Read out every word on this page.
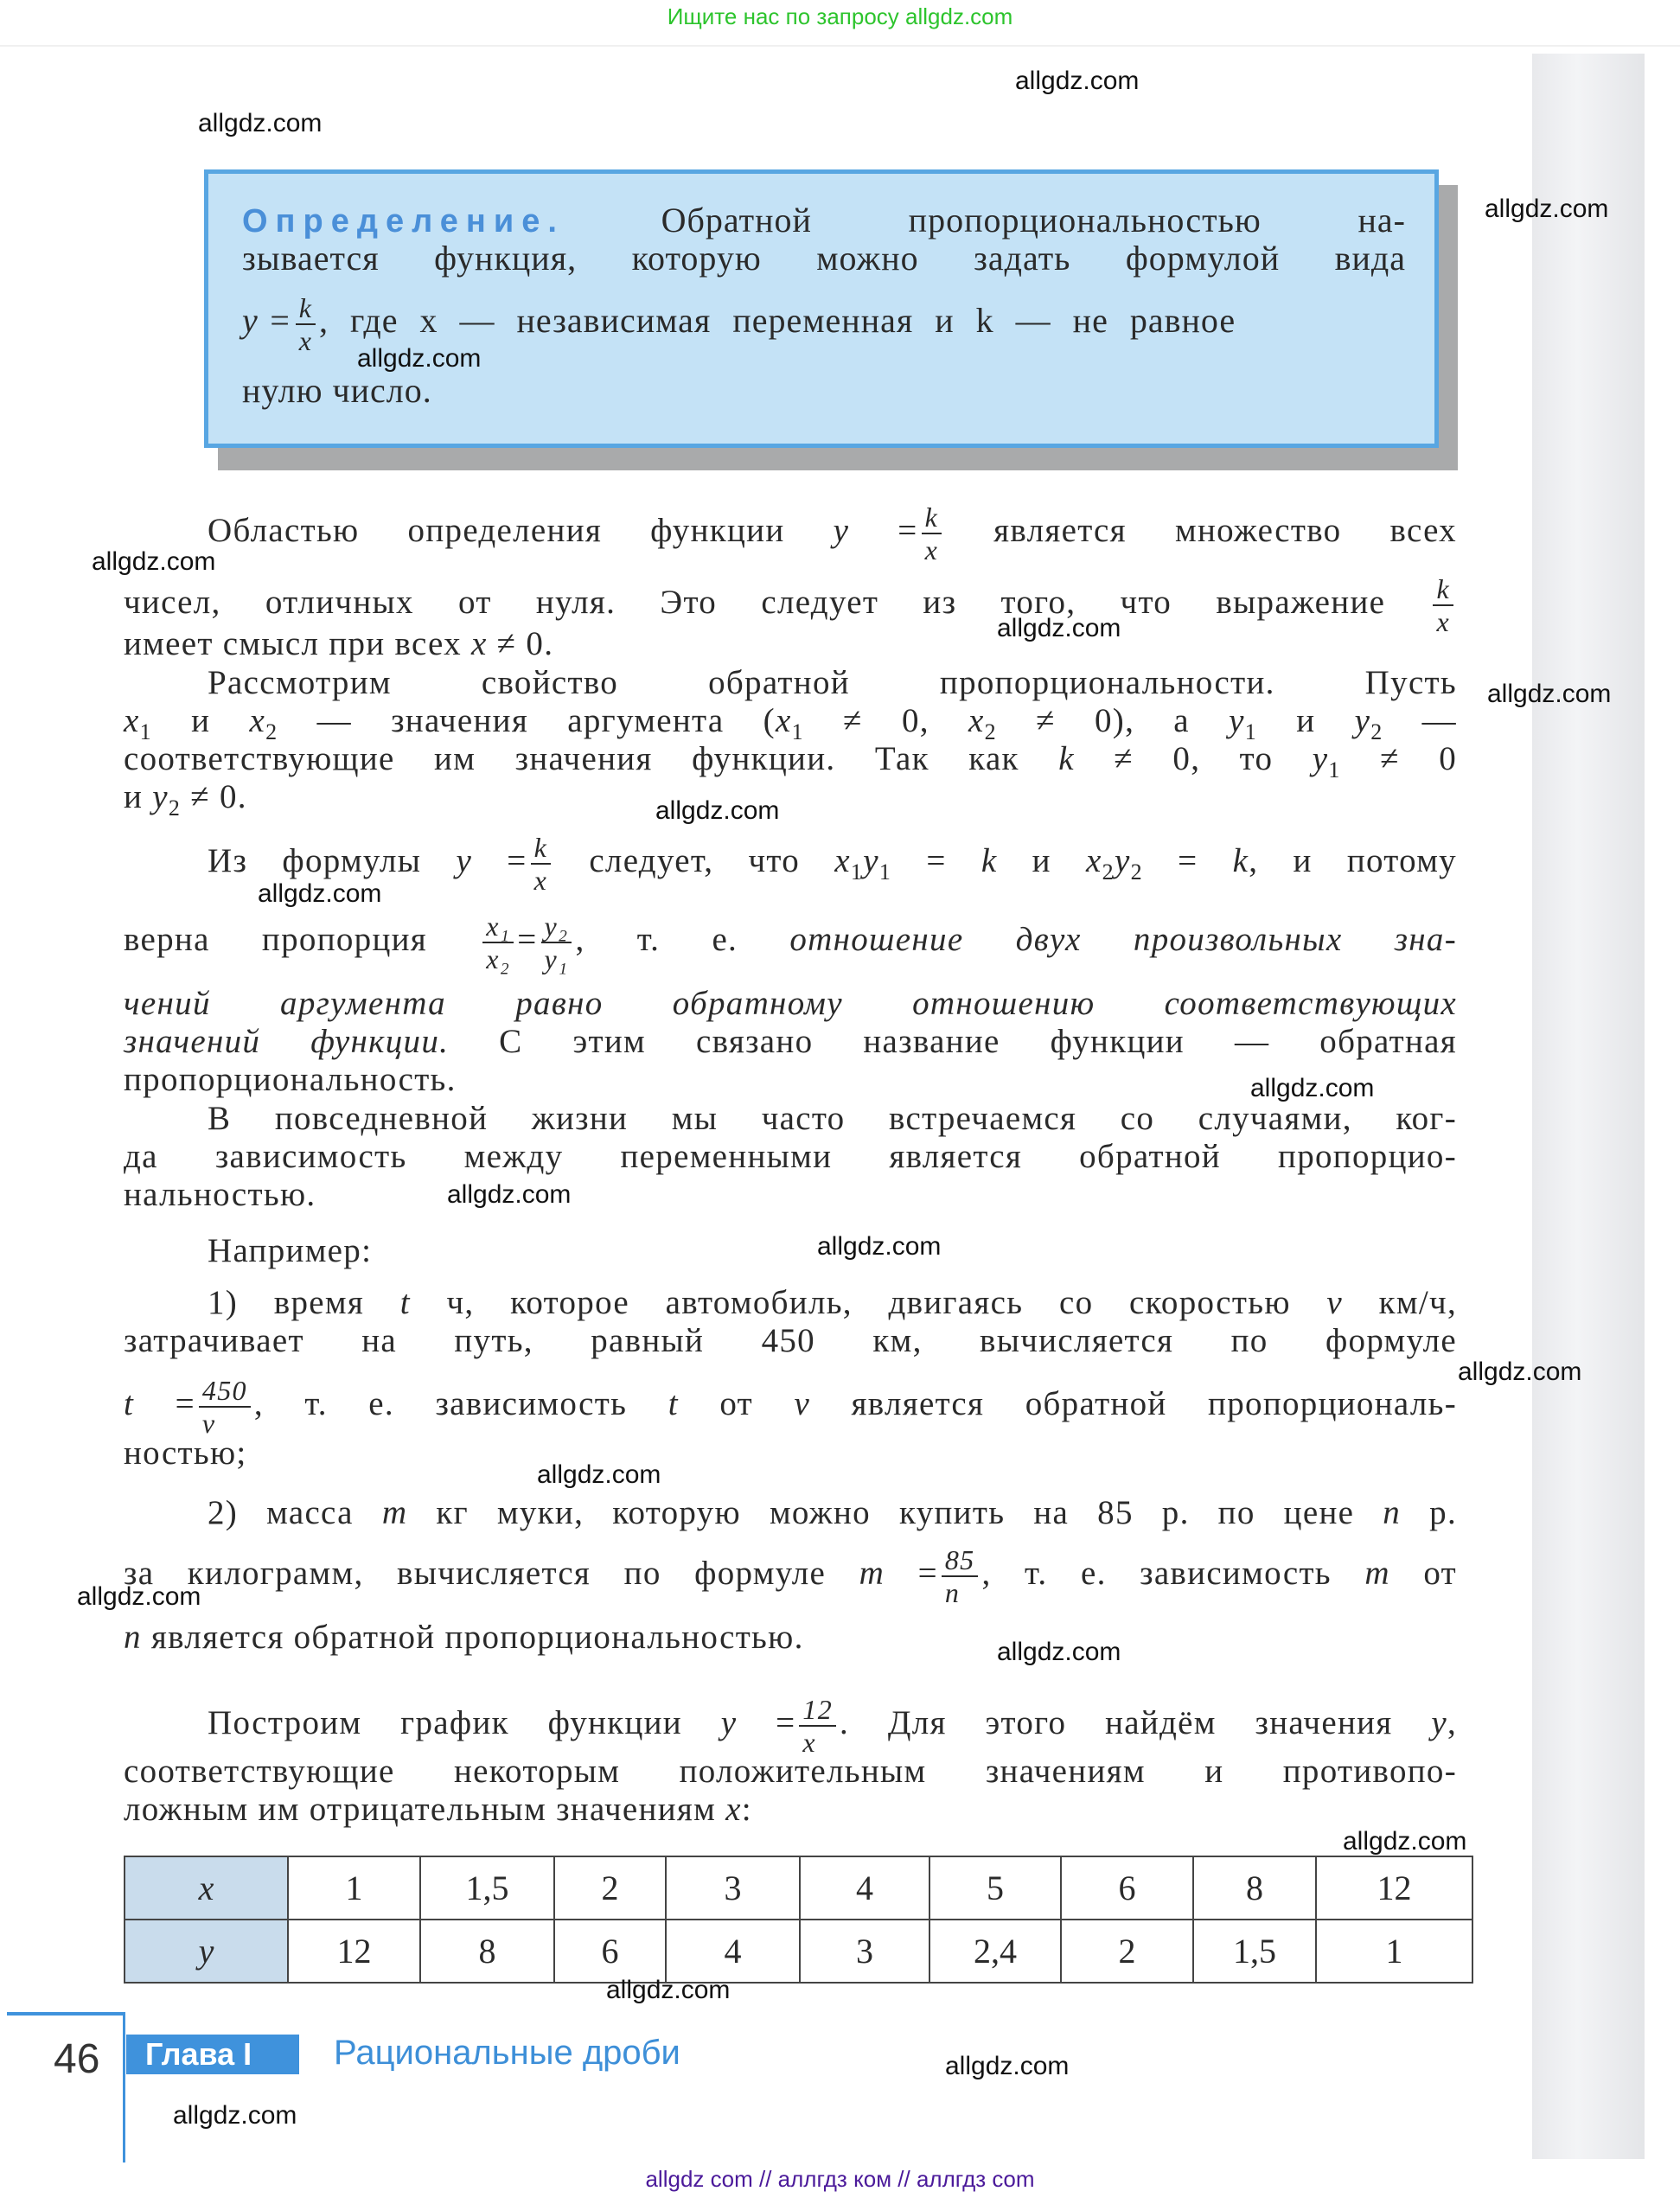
Ищите нас по запросу allgdz.com
Определение.	Обратной пропорциональностью на-
зывается функция, которую можно задать формулой вида
$y = \frac{k}{x}$ , где x — независимая переменная и k — не равное
нулю число.
Областью определения функции $y = \frac{k}{x}$ является множество всех
чисел, отличных от нуля. Это следует из того, что выражение $\frac{k}{x}$
имеет смысл при всех x ≠ 0.
Рассмотрим свойство обратной пропорциональности. Пусть
$x_1$ и $x_2$ — значения аргумента ($x_1 \ne 0$, $x_2 \ne 0$), а $y_1$ и $y_2$ —
соответствующие им значения функции. Так как k ≠ 0, то $y_1 \ne 0$
и $y_2 \ne 0$.
Из формулы $y = \frac{k}{x}$ следует, что $x_1y_1 = k$ и $x_2y_2 = k$, и потому
верна пропорция $\frac{\text{x₁}}{\text{x₂}} = \frac{\text{y₂}}{\text{y₁}}$ , т. е. отношение двух произвольных зна-
чений аргумента равно обратному отношению соответствующих
значений функции. С этим связано название функции — обратная
пропорциональность.
В повседневной жизни мы часто встречаемся со случаями, ког-
да зависимость между переменными является обратной пропорцио-
нальностью.
Например:
1) время t ч, которое автомобиль, двигаясь со скоростью v км/ч,
затрачивает на путь, равный 450 км, вычисляется по формуле
$t = \frac{450}{v}$ , т. е. зависимость t от v является обратной пропорциональ-
ностью;
2) масса m кг муки, которую можно купить на 85 р. по цене n р.
за килограмм, вычисляется по формуле $m = \frac{85}{n}$ , т. е. зависимость m от
n является обратной пропорциональностью.
Построим график функции $y = \frac{12}{x}$ . Для этого найдём значения y,
соответствующие некоторым положительным значениям и противопо-
ложным им отрицательным значениям x:
x	1	1,5	2	3	4	5	6	8	12
y	12	8	6	4	3	2,4	2	1,5	1
46	Глава I	Рациональные дроби
allgdz.com
allgdz.com
allgdz.com
allgdz.com
allgdz.com
allgdz.com
allgdz.com
allgdz.com
allgdz.com
allgdz.com
allgdz.com
allgdz.com
allgdz.com
allgdz.com
allgdz.com
allgdz.com
allgdz.com
allgdz.com
allgdz.com
allgdz.com
allgdz com // аллгдз ком // аллгдз com
